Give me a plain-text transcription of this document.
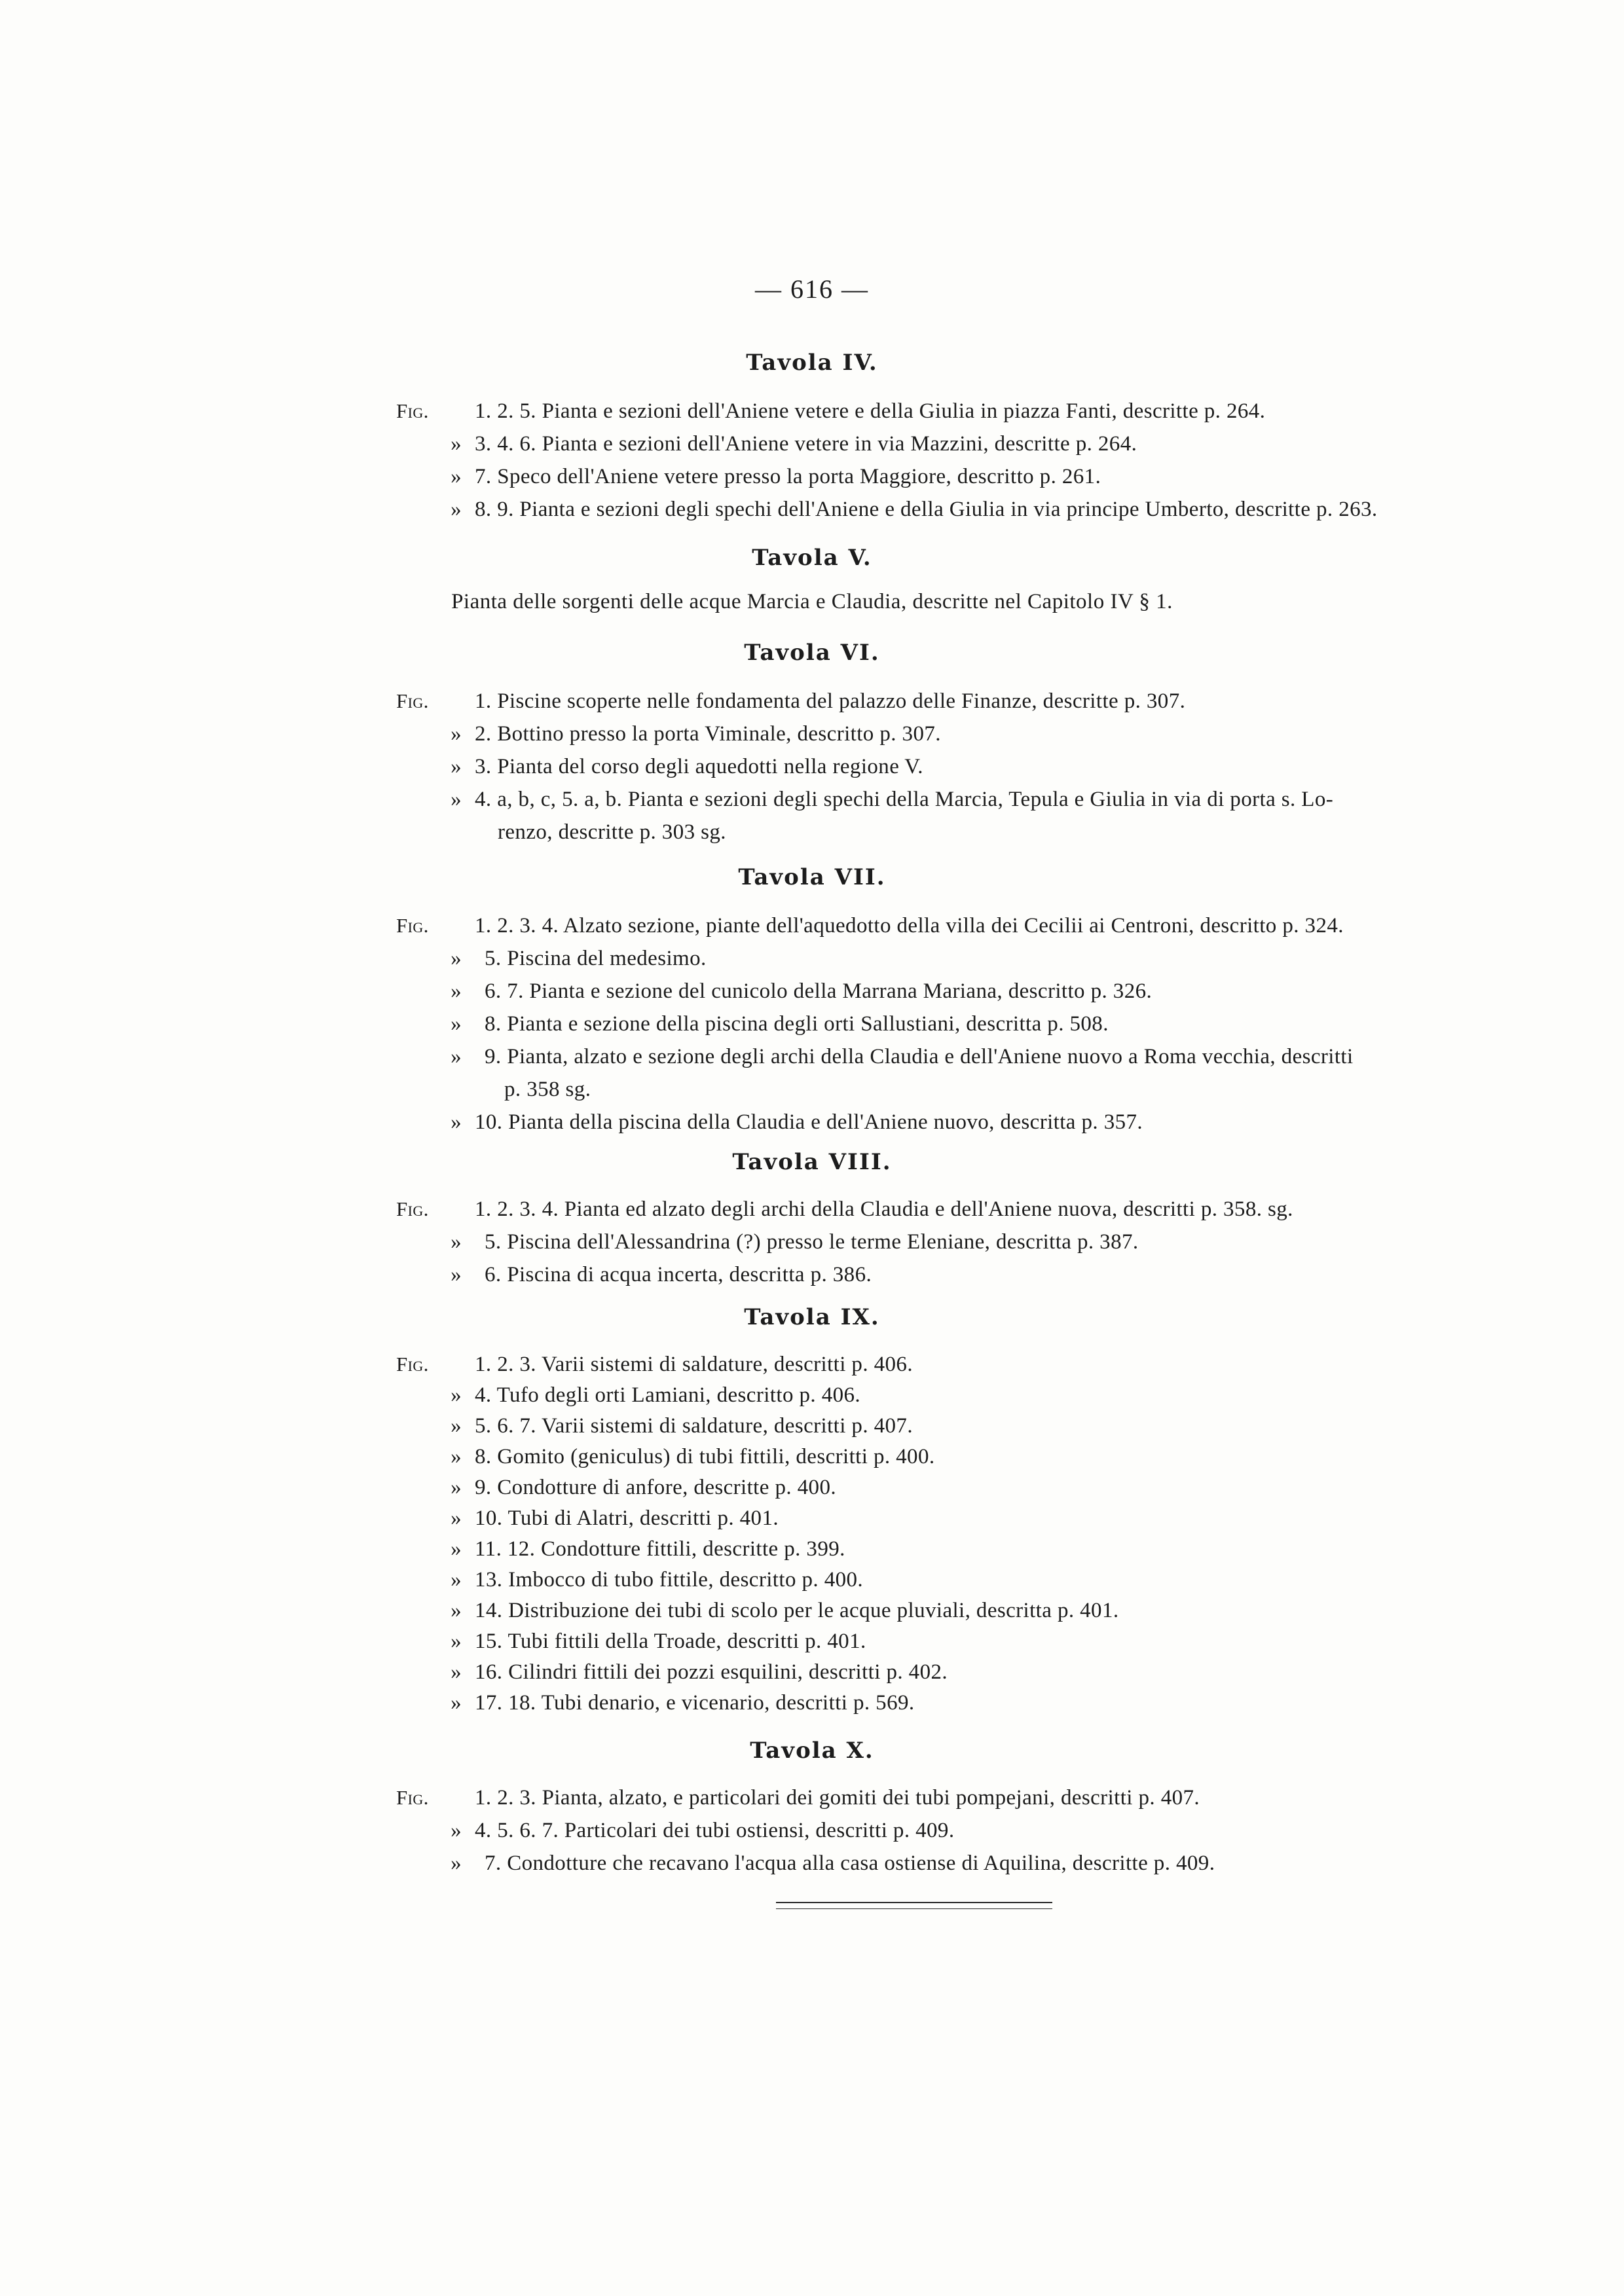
— 616 —
Tavola IV.
Fig.	1. 2. 5. Pianta e sezioni dell'Aniene vetere e della Giulia in piazza Fanti, descritte p. 264.
» 3. 4. 6. Pianta e sezioni dell'Aniene vetere in via Mazzini, descritte p. 264.
» 7. Speco dell'Aniene vetere presso la porta Maggiore, descritto p. 261.
» 8. 9. Pianta e sezioni degli spechi dell'Aniene e della Giulia in via principe Umberto, descritte p. 263.
Tavola V.
Pianta delle sorgenti delle acque Marcia e Claudia, descritte nel Capitolo IV § 1.
Tavola VI.
Fig.	1. Piscine scoperte nelle fondamenta del palazzo delle Finanze, descritte p. 307.
» 2. Bottino presso la porta Viminale, descritto p. 307.
» 3. Pianta del corso degli aquedotti nella regione V.
» 4. a, b, c, 5. a, b. Pianta e sezioni degli spechi della Marcia, Tepula e Giulia in via di porta s. Lo-
renzo, descritte p. 303 sg.
Tavola VII.
Fig.	1. 2. 3. 4. Alzato sezione, piante dell'aquedotto della villa dei Cecilii ai Centroni, descritto p. 324.
» 5. Piscina del medesimo.
» 6. 7. Pianta e sezione del cunicolo della Marrana Mariana, descritto p. 326.
» 8. Pianta e sezione della piscina degli orti Sallustiani, descritta p. 508.
» 9. Pianta, alzato e sezione degli archi della Claudia e dell'Aniene nuovo a Roma vecchia, descritti
p. 358 sg.
» 10. Pianta della piscina della Claudia e dell'Aniene nuovo, descritta p. 357.
Tavola VIII.
Fig.	1. 2. 3. 4. Pianta ed alzato degli archi della Claudia e dell'Aniene nuova, descritti p. 358. sg.
» 5. Piscina dell'Alessandrina (?) presso le terme Eleniane, descritta p. 387.
» 6. Piscina di acqua incerta, descritta p. 386.
Tavola IX.
Fig.	1. 2. 3. Varii sistemi di saldature, descritti p. 406.
» 4. Tufo degli orti Lamiani, descritto p. 406.
» 5. 6. 7. Varii sistemi di saldature, descritti p. 407.
» 8. Gomito (geniculus) di tubi fittili, descritti p. 400.
» 9. Condotture di anfore, descritte p. 400.
» 10. Tubi di Alatri, descritti p. 401.
» 11. 12. Condotture fittili, descritte p. 399.
» 13. Imbocco di tubo fittile, descritto p. 400.
» 14. Distribuzione dei tubi di scolo per le acque pluviali, descritta p. 401.
» 15. Tubi fittili della Troade, descritti p. 401.
» 16. Cilindri fittili dei pozzi esquilini, descritti p. 402.
» 17. 18. Tubi denario, e vicenario, descritti p. 569.
Tavola X.
Fig.	1. 2. 3. Pianta, alzato, e particolari dei gomiti dei tubi pompejani, descritti p. 407.
» 4. 5. 6. 7. Particolari dei tubi ostiensi, descritti p. 409.
» 7. Condotture che recavano l'acqua alla casa ostiense di Aquilina, descritte p. 409.
